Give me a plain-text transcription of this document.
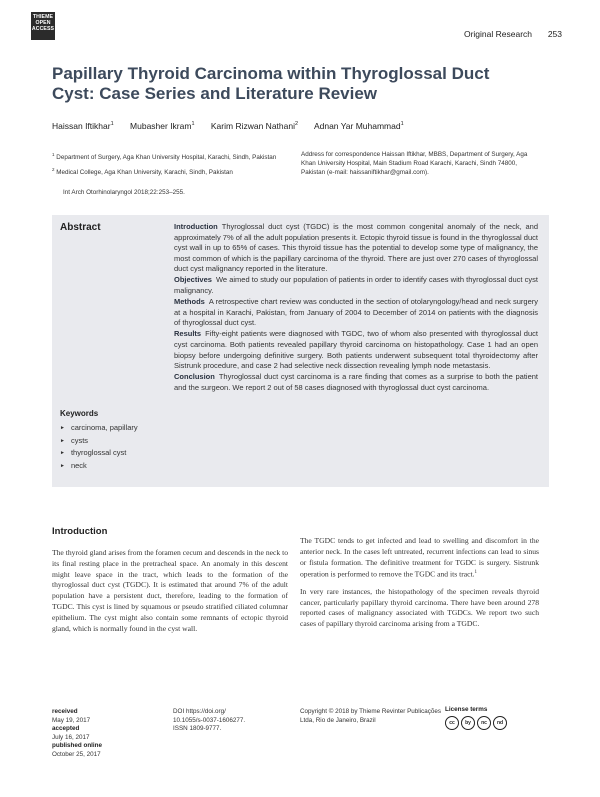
THIEME
OPEN
ACCESS	Original Research 253
Papillary Thyroid Carcinoma within Thyroglossal Duct Cyst: Case Series and Literature Review
Haissan Iftikhar$^1$ Mubasher Ikram$^1$ Karim Rizwan Nathani$^2$ Adnan Yar Muhammad$^1$

$^1$ Department of Surgery, Aga Khan University Hospital, Karachi, Sindh, Pakistan

$^2$ Medical College, Aga Khan University, Karachi, Sindh, Pakistan

Address for correspondence Haissan Iftikhar, MBBS, Department of Surgery, Aga Khan University Hospital, Main Stadium Road Karachi, Karachi, Sindh 74800, Pakistan (e-mail: haissaniftikhar@gmail.com).
Int Arch Otorhinolaryngol 2018;22:253–255.
Abstract	Introduction Thyroglossal duct cyst (TGDC) is the most common congenital anomaly of the neck, and approximately 7% of all the adult population presents it. Ectopic thyroid tissue is found in the thyroglossal duct cyst wall in up to 65% of cases. This thyroid tissue has the potential to develop some type of malignancy, the most common of which is the papillary carcinoma of the thyroid. There are just over 270 cases of thyroglossal duct cyst malignancy reported in the literature.

Objectives We aimed to study our population of patients in order to identify cases with thyroglossal duct cyst malignancy.

Methods A retrospective chart review was conducted in the section of otolaryngology/head and neck surgery at a hospital in Karachi, Pakistan, from January of 2004 to December of 2014 on patients with the diagnosis of thyroglossal duct cyst.

Results Fifty-eight patients were diagnosed with TGDC, two of whom also presented with thyroglossal duct cyst carcinoma. Both patients revealed papillary thyroid carcinoma on histopathology. Case 1 had an open biopsy before undergoing definitive surgery. Both patients underwent subsequent total thyroidectomy after Sistrunk procedure, and case 2 had selective neck dissection revealing lymph node metastasis.

Conclusion Thyroglossal duct cyst carcinoma is a rare finding that comes as a surprise to both the patient and the surgeon. We report 2 out of 58 cases diagnosed with thyroglossal duct cyst carcinoma.

Keywords
► carcinoma, papillary
► cysts
► thyroglossal cyst
► neck
Introduction

The thyroid gland arises from the foramen cecum and descends in the neck to its final resting place in the pretracheal space. An anomaly in this descent might leave space in the tract, which leads to the formation of the thyroglossal duct cyst (TGDC). It is estimated that around 7% of the adult population have a persistent duct, therefore, leading to the formation of TGDC. This cyst is lined by squamous or pseudo stratified ciliated columnar epithelium. The cyst might also contain some remnants of ectopic thyroid gland, which is normally found in the cyst wall.

The TGDC tends to get infected and lead to swelling and discomfort in the anterior neck. In the cases left untreated, recurrent infections can lead to sinus or fistula formation. The definitive treatment for TGDC is surgery. Sistrunk operation is performed to remove the TGDC and its tract.$^1$

In very rare instances, the histopathology of the specimen reveals thyroid cancer, particularly papillary thyroid carcinoma. There have been around 278 reported cases of malignancy associated with TGDCs. We report two such cases of papillary thyroid carcinoma arising from a TGDC.

received
May 19, 2017
accepted
July 16, 2017
published online
October 25, 2017
DOI https://doi.org/
10.1055/s-0037-1606277.
ISSN 1809-9777.
Copyright © 2018 by Thieme Revinter Publicações Ltda, Rio de Janeiro, Brazil
License terms
cc	by	nc	nd
